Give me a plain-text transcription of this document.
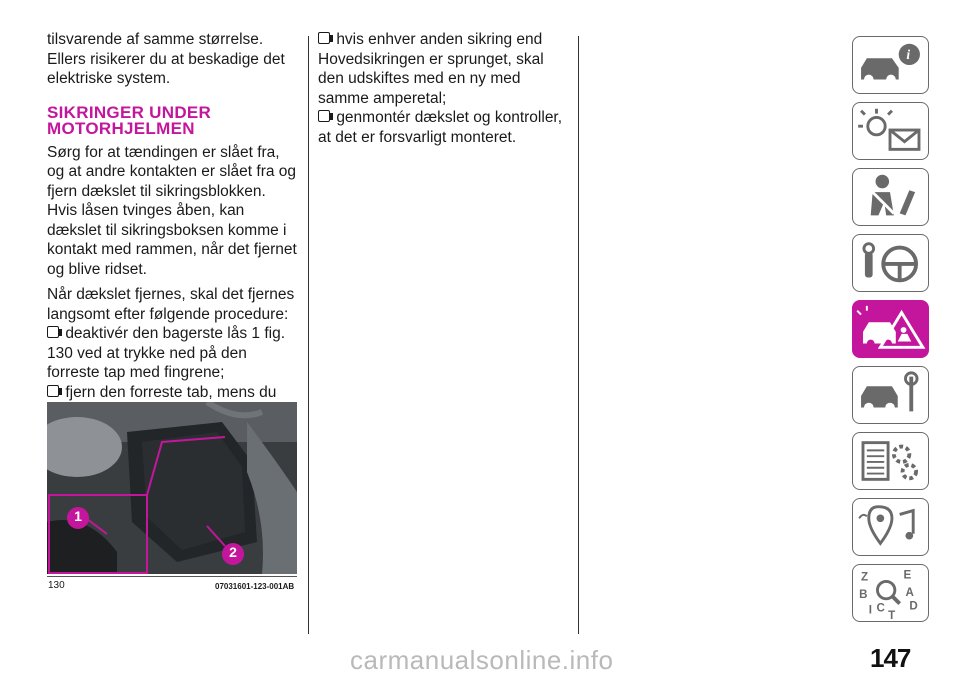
tilsvarende af samme størrelse. Ellers risikerer du at beskadige det elektriske system.

SIKRINGER UNDER
MOTORHJELMEN

Sørg for at tændingen er slået fra, og at andre kontakten er slået fra og fjern dækslet til sikringsblokken. Hvis låsen tvinges åben, kan dækslet til sikringsboksen komme i kontakt med rammen, når det fjernet og blive ridset.

Når dækslet fjernes, skal det fjernes langsomt efter følgende procedure:

deaktivér den bagerste lås 1 fig. 130 ved at trykke ned på den forreste tap med fingrene;

fjern den forreste tab, mens du

hvis enhver anden sikring end Hovedsikringen er sprunget, skal den udskiftes med en ny med samme amperetal;

genmontér dækslet og kontroller, at det er forsvarligt monteret.

1
2
130	07031601-123-001AB
i
Z	E
B	A
I C
T
D
147
carmanualsonline.info
